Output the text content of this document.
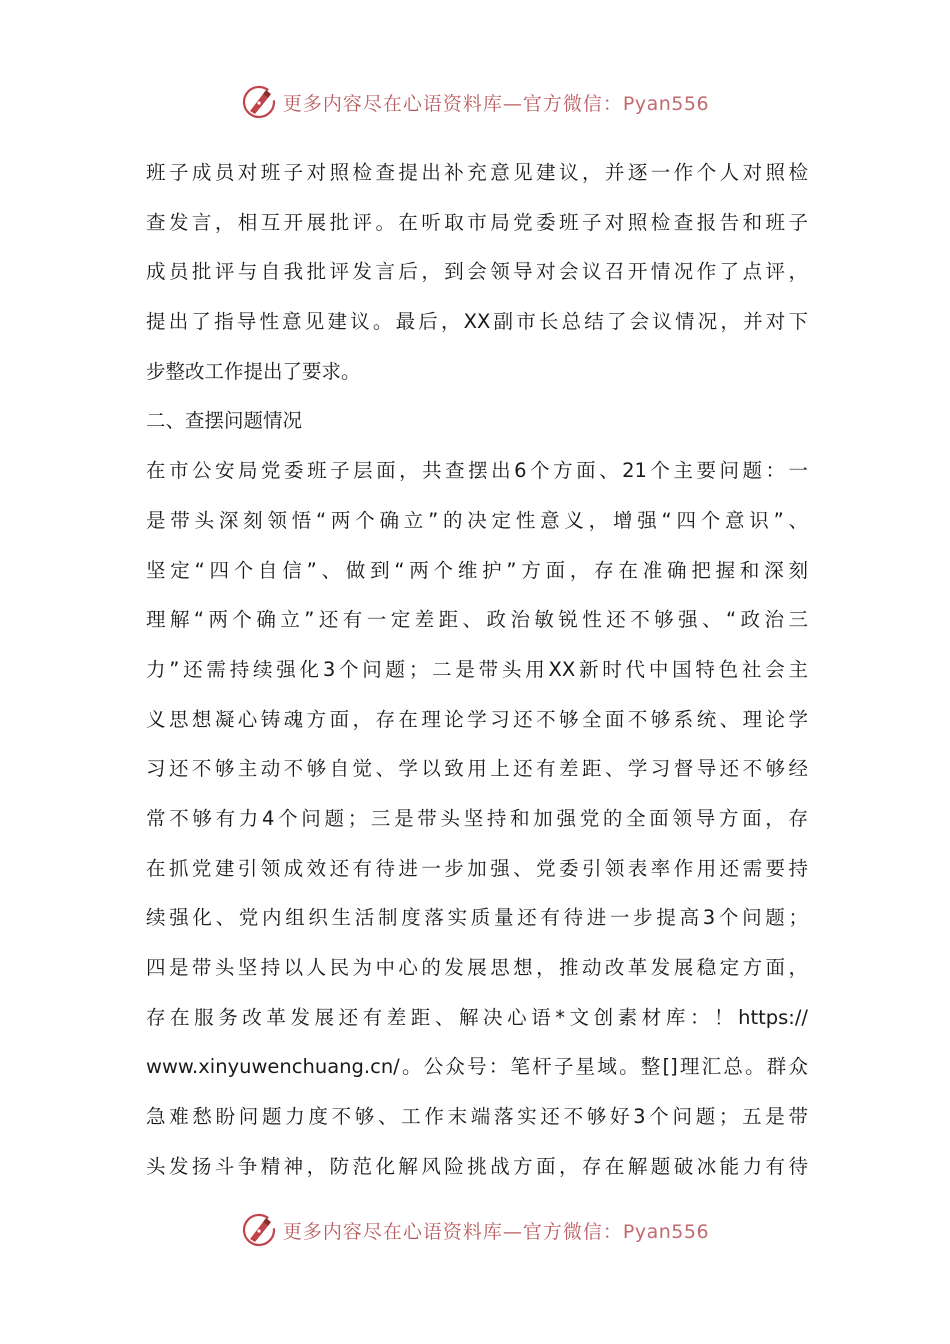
更多内容尽在心语资料库—官方微信：Pyan556
班子成员对班子对照检查提出补充意见建议，并逐一作个人对照检
查发言，相互开展批评。在听取市局党委班子对照检查报告和班子
成员批评与自我批评发言后，到会领导对会议召开情况作了点评，
提出了指导性意见建议。最后，XX副市长总结了会议情况，并对下
步整改工作提出了要求。
二、查摆问题情况
在市公安局党委班子层面，共查摆出6个方面、21个主要问题：一
是带头深刻领悟“两个确立”的决定性意义，增强“四个意识”、
坚定“四个自信”、做到“两个维护”方面，存在准确把握和深刻
理解“两个确立”还有一定差距、政治敏锐性还不够强、“政治三
力”还需持续强化3个问题；二是带头用XX新时代中国特色社会主
义思想凝心铸魂方面，存在理论学习还不够全面不够系统、理论学
习还不够主动不够自觉、学以致用上还有差距、学习督导还不够经
常不够有力4个问题；三是带头坚持和加强党的全面领导方面，存
在抓党建引领成效还有待进一步加强、党委引领表率作用还需要持
续强化、党内组织生活制度落实质量还有待进一步提高3个问题；
四是带头坚持以人民为中心的发展思想，推动改革发展稳定方面，
存在服务改革发展还有差距、解决心语*文创素材库：！https://
www.xinyuwenchuang.cn/。公众号：笔杆子星域。整[]理汇总。群众
急难愁盼问题力度不够、工作末端落实还不够好3个问题；五是带
头发扬斗争精神，防范化解风险挑战方面，存在解题破冰能力有待
更多内容尽在心语资料库—官方微信：Pyan556
